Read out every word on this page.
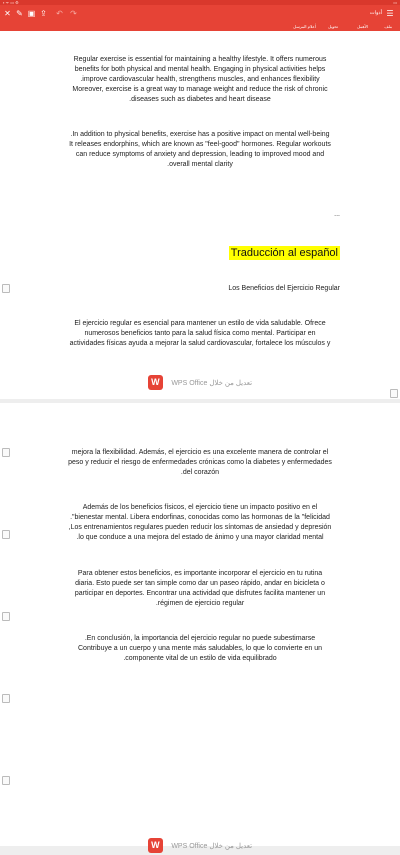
▪︎ ᯤ ▭ ⚙	▭
✕ ✎ ▣ ⇪ ↶ ↷	أدوات ☰
ملف
الأهمل
تحويل
أعلام المرسل
Regular exercise is essential for maintaining a healthy lifestyle. It offers numerous
benefits for both physical and mental health. Engaging in physical activities helps
.improve cardiovascular health, strengthens muscles, and enhances flexibility
Moreover, exercise is a great way to manage weight and reduce the risk of chronic
.diseases such as diabetes and heart disease
.In addition to physical benefits, exercise has a positive impact on mental well-being
It releases endorphins, which are known as "feel-good" hormones. Regular workouts
can reduce symptoms of anxiety and depression, leading to improved mood and
.overall mental clarity
...
Traducción al español
Los Beneficios del Ejercicio Regular
El ejercicio regular es esencial para mantener un estilo de vida saludable. Ofrece
numerosos beneficios tanto para la salud física como mental. Participar en
actividades físicas ayuda a mejorar la salud cardiovascular, fortalece los músculos y
W WPS Office تعديل من خلال
mejora la flexibilidad. Además, el ejercicio es una excelente manera de controlar el
peso y reducir el riesgo de enfermedades crónicas como la diabetes y enfermedades
.del corazón
Además de los beneficios físicos, el ejercicio tiene un impacto positivo en el
."bienestar mental. Libera endorfinas, conocidas como las hormonas de la "felicidad
,Los entrenamientos regulares pueden reducir los síntomas de ansiedad y depresión
.lo que conduce a una mejora del estado de ánimo y una mayor claridad mental
Para obtener estos beneficios, es importante incorporar el ejercicio en tu rutina
diaria. Esto puede ser tan simple como dar un paseo rápido, andar en bicicleta o
participar en deportes. Encontrar una actividad que disfrutes facilita mantener un
.régimen de ejercicio regular
.En conclusión, la importancia del ejercicio regular no puede subestimarse
Contribuye a un cuerpo y una mente más saludables, lo que lo convierte en un
.componente vital de un estilo de vida equilibrado
W WPS Office تعديل من خلال
